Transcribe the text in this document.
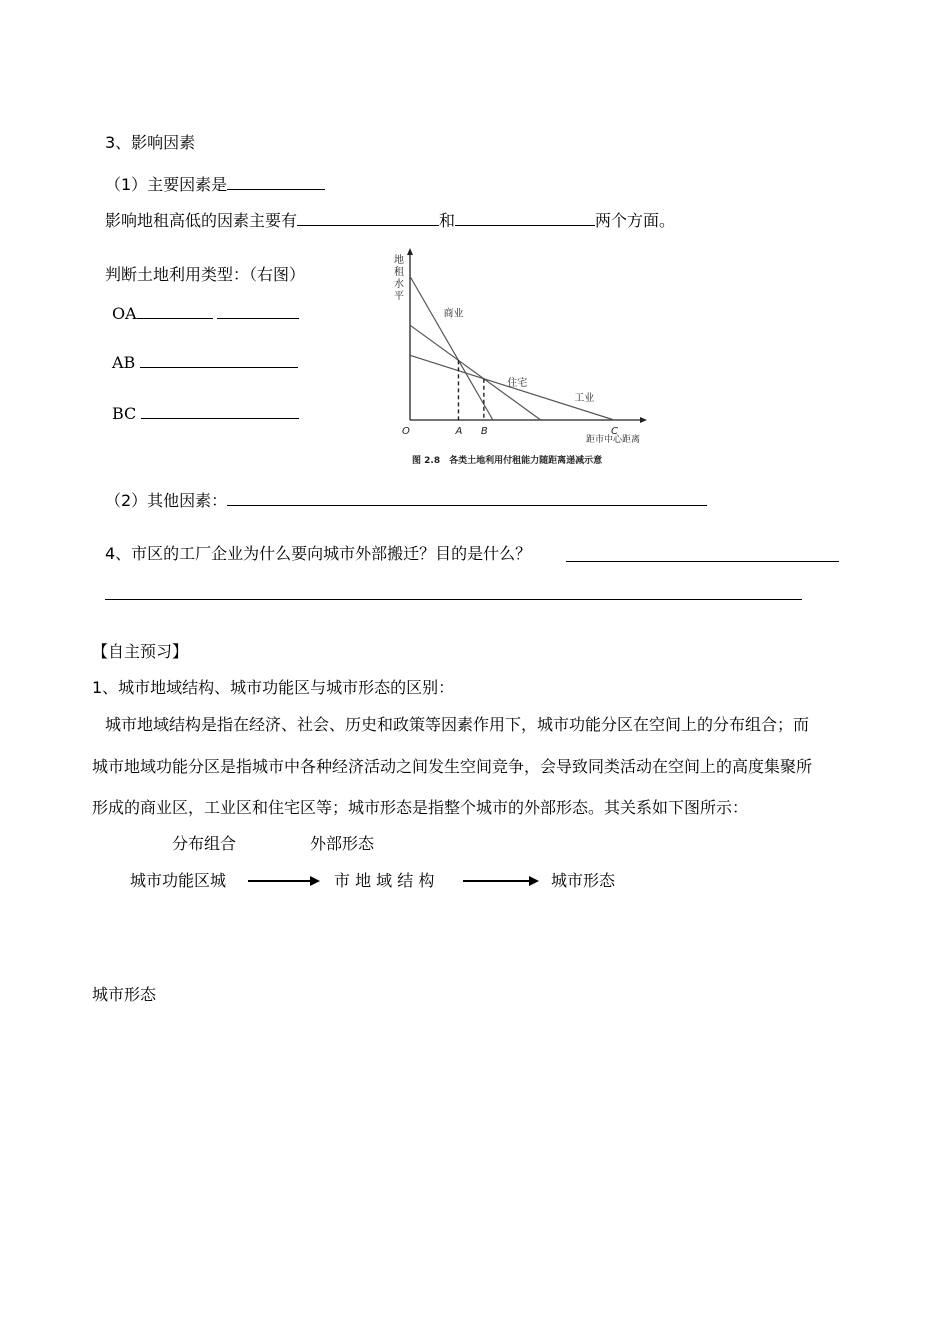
3、影响因素
（1）主要因素是
影响地租高低的因素主要有	和	两个方面。
判断土地利用类型：（右图）
OA
AB
BC
地
租
水
平
商业
住宅
工业
O	A B	C
距市中心距离
图 2.8　各类土地利用付租能力随距离递减示意
（2）其他因素：
4、市区的工厂企业为什么要向城市外部搬迁？目的是什么？
【自主预习】
1、城市地域结构、城市功能区与城市形态的区别：
城市地域结构是指在经济、社会、历史和政策等因素作用下，城市功能分区在空间上的分布组合；而
城市地域功能分区是指城市中各种经济活动之间发生空间竞争，会导致同类活动在空间上的高度集聚所
形成的商业区，工业区和住宅区等；城市形态是指整个城市的外部形态。其关系如下图所示：
分布组合	外部形态
城市功能区城	市 地 域 结 构	城市形态
城市形态
